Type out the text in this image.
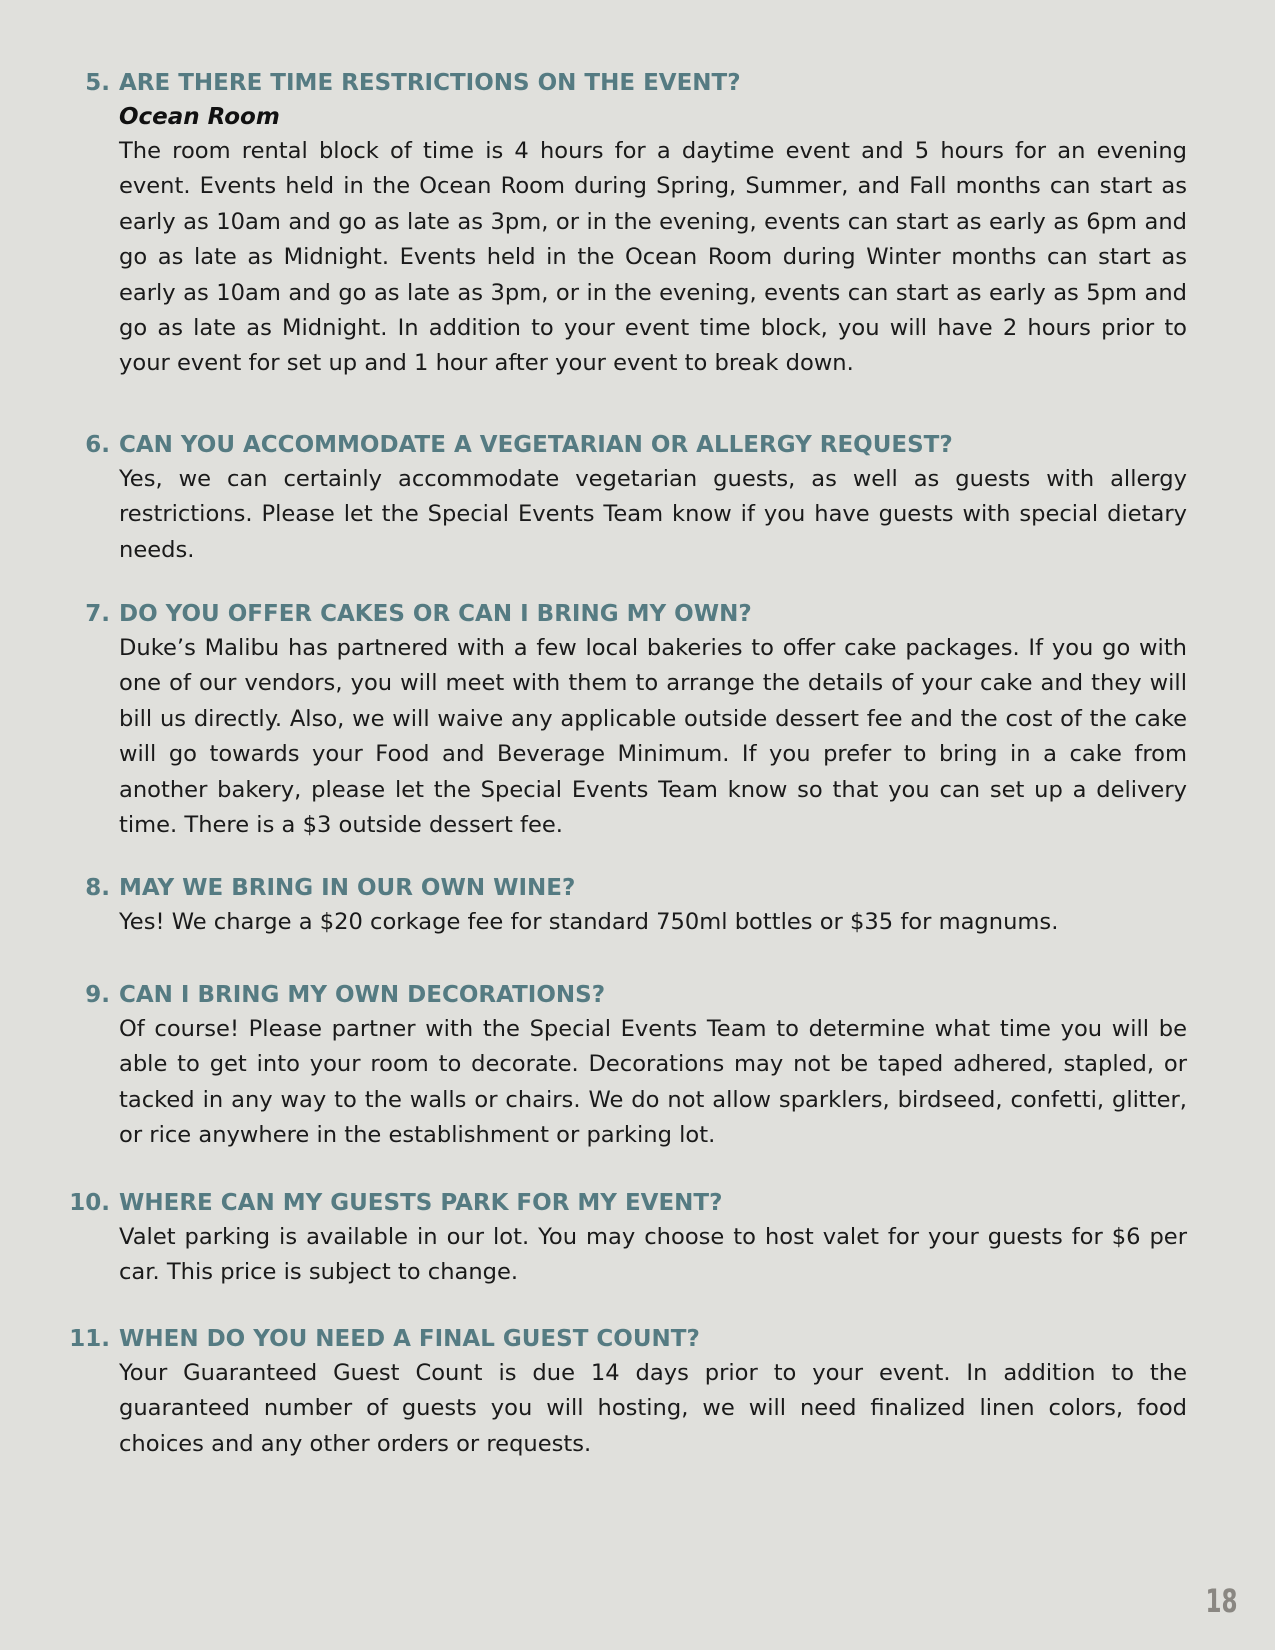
5. ARE THERE TIME RESTRICTIONS ON THE EVENT?
Ocean Room
The room rental block of time is 4 hours for a daytime event and 5 hours for an evening event. Events held in the Ocean Room during Spring, Summer, and Fall months can start as early as 10am and go as late as 3pm, or in the evening, events can start as early as 6pm and go as late as Midnight. Events held in the Ocean Room during Winter months can start as early as 10am and go as late as 3pm, or in the evening, events can start as early as 5pm and go as late as Midnight. In addition to your event time block, you will have 2 hours prior to your event for set up and 1 hour after your event to break down.
6. CAN YOU ACCOMMODATE A VEGETARIAN OR ALLERGY REQUEST?
Yes, we can certainly accommodate vegetarian guests, as well as guests with allergy restrictions. Please let the Special Events Team know if you have guests with special dietary needs.
7. DO YOU OFFER CAKES OR CAN I BRING MY OWN?
Duke’s Malibu has partnered with a few local bakeries to offer cake packages. If you go with one of our vendors, you will meet with them to arrange the details of your cake and they will bill us directly. Also, we will waive any applicable outside dessert fee and the cost of the cake will go towards your Food and Beverage Minimum. If you prefer to bring in a cake from another bakery, please let the Special Events Team know so that you can set up a delivery time. There is a $3 outside dessert fee.
8. MAY WE BRING IN OUR OWN WINE?
Yes! We charge a $20 corkage fee for standard 750ml bottles or $35 for magnums.
9. CAN I BRING MY OWN DECORATIONS?
Of course! Please partner with the Special Events Team to determine what time you will be able to get into your room to decorate. Decorations may not be taped adhered, stapled, or tacked in any way to the walls or chairs. We do not allow sparklers, birdseed, confetti, glitter, or rice anywhere in the establishment or parking lot.
10. WHERE CAN MY GUESTS PARK FOR MY EVENT?
Valet parking is available in our lot. You may choose to host valet for your guests for $6 per car. This price is subject to change.
11. WHEN DO YOU NEED A FINAL GUEST COUNT?
Your Guaranteed Guest Count is due 14 days prior to your event. In addition to the guaranteed number of guests you will hosting, we will need finalized linen colors, food choices and any other orders or requests.
18
